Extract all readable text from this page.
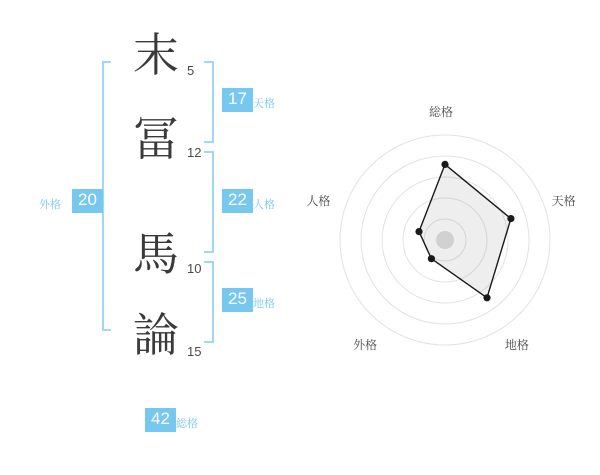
末
冨
馬
論
5
12
10
15
17 天格
22 人格
25 地格
20
外格
42 総格
総格
天格
地格
外格
人格
